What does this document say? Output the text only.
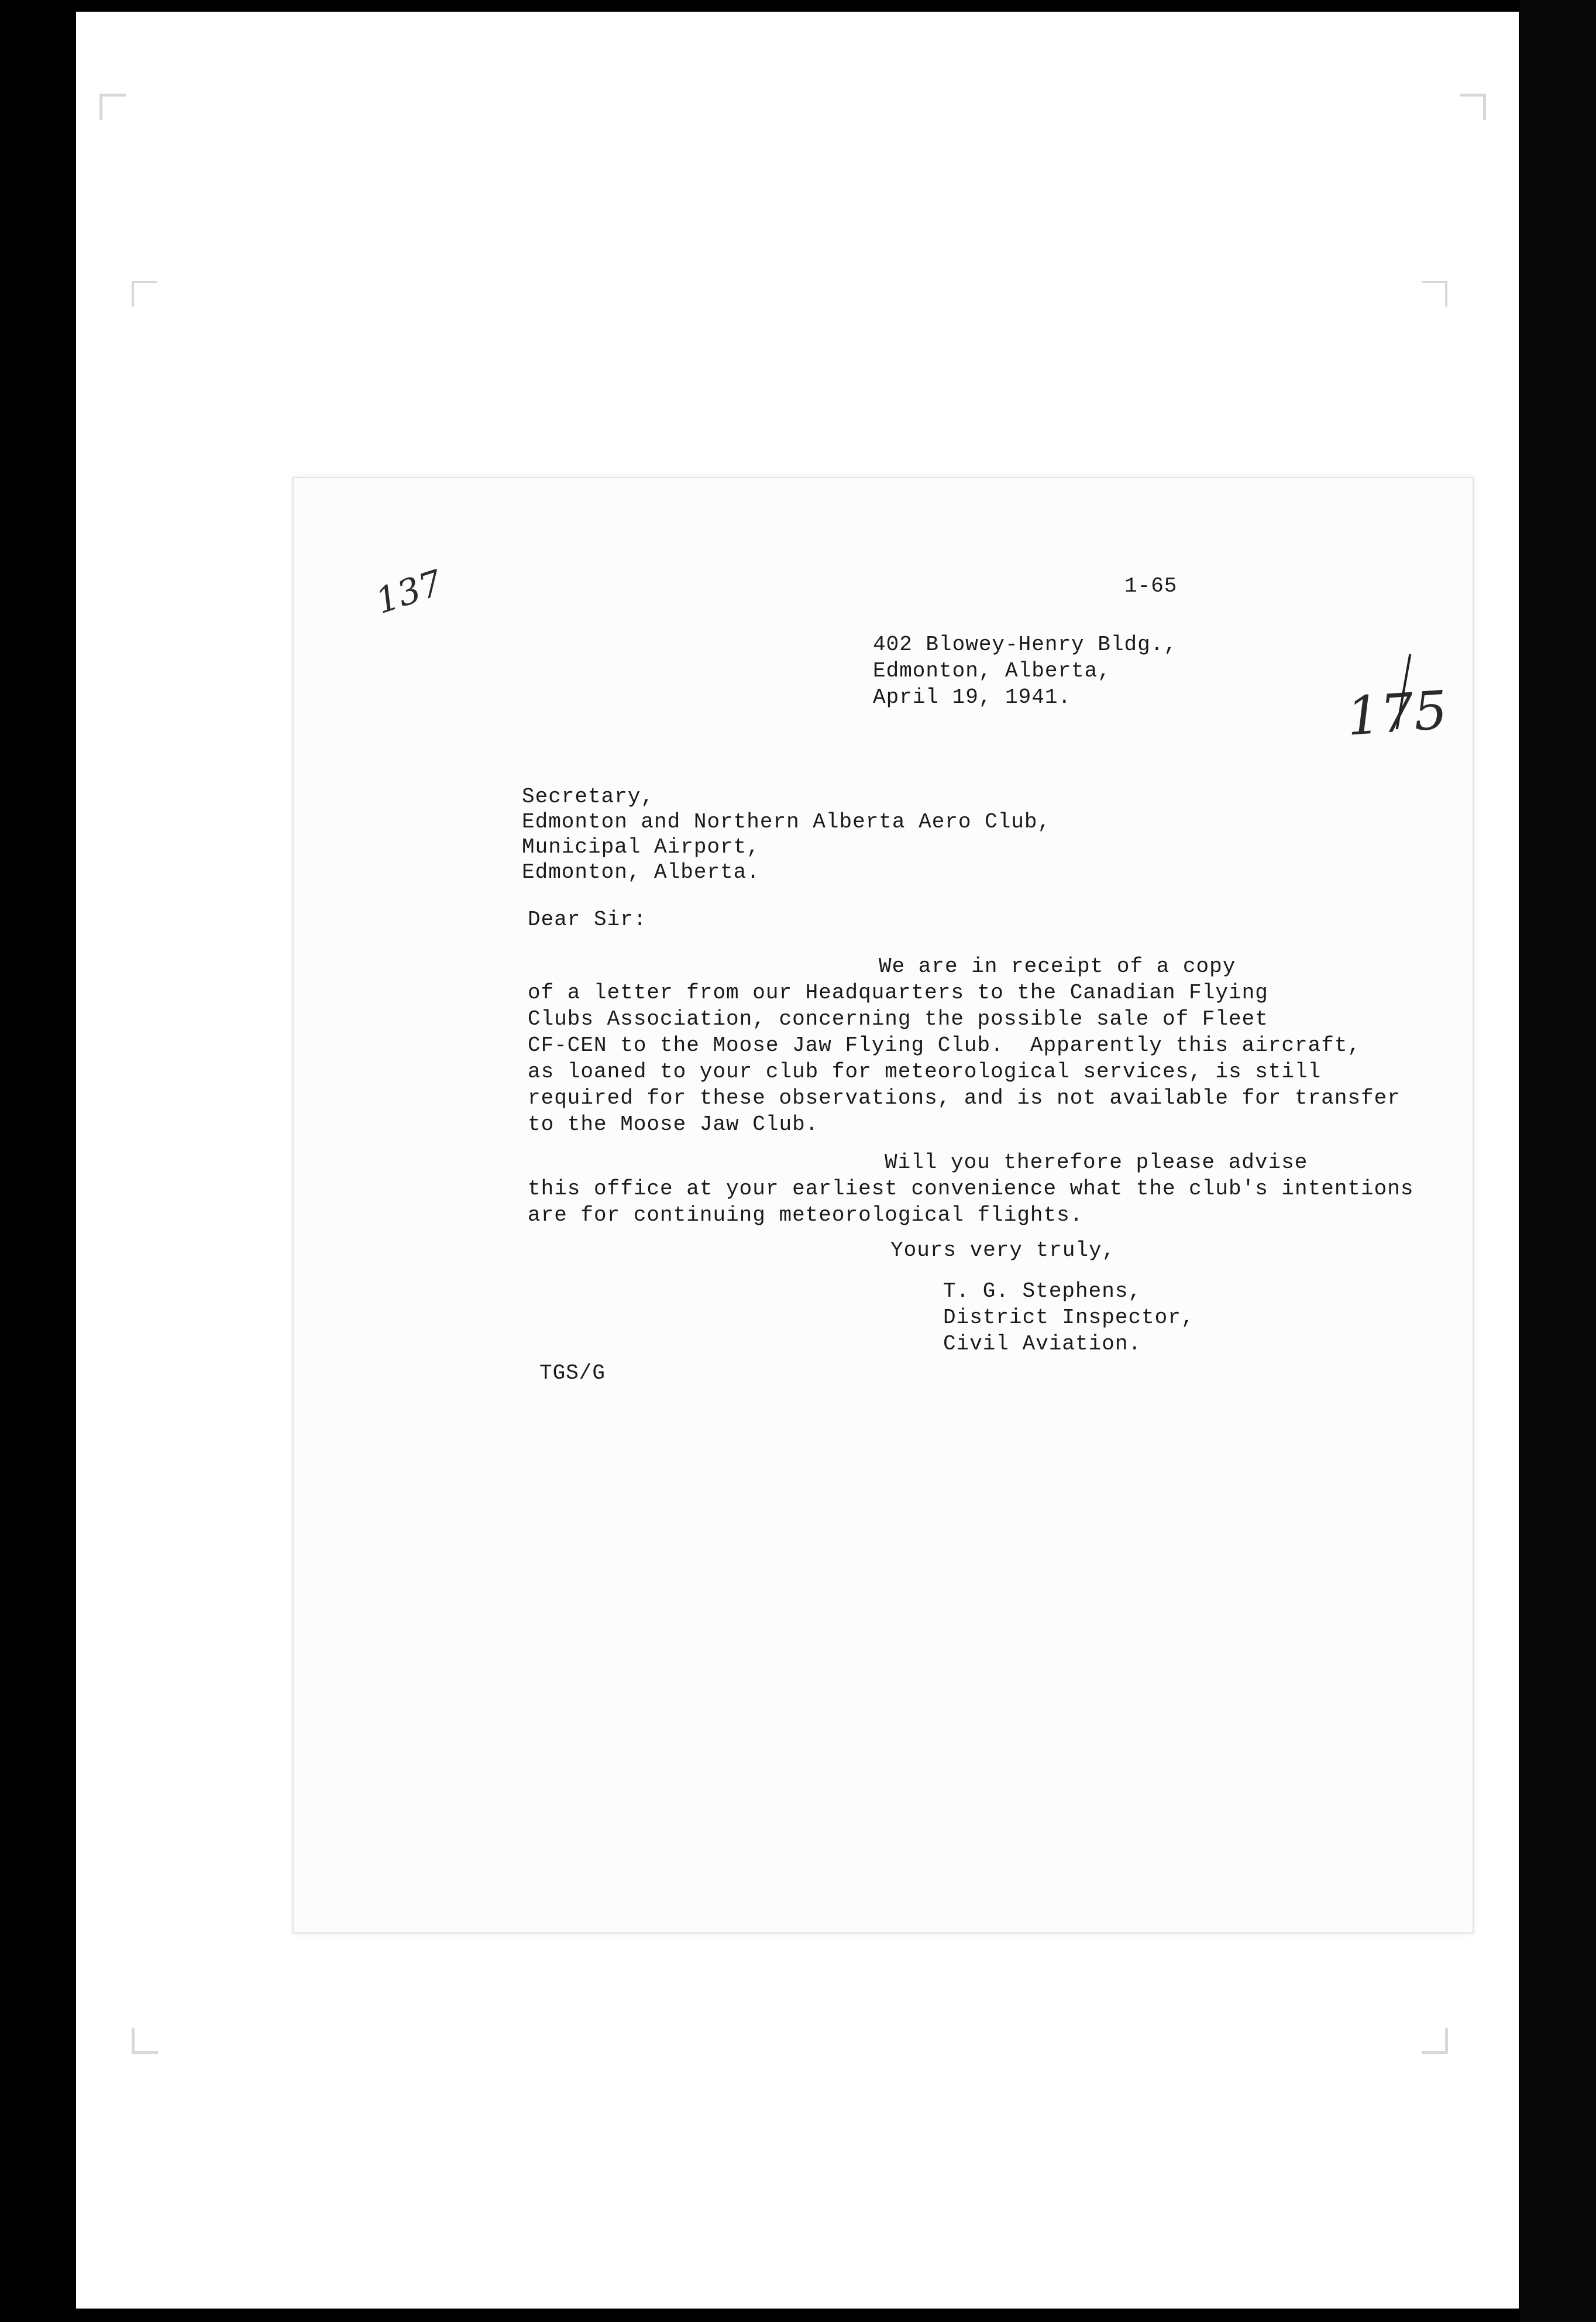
137
175
1-65
402 Blowey-Henry Bldg.,
Edmonton, Alberta,
April 19, 1941.
Secretary,
Edmonton and Northern Alberta Aero Club,
Municipal Airport,
Edmonton, Alberta.
Dear Sir:
We are in receipt of a copy
of a letter from our Headquarters to the Canadian Flying
Clubs Association, concerning the possible sale of Fleet
CF-CEN to the Moose Jaw Flying Club.  Apparently this aircraft,
as loaned to your club for meteorological services, is still
required for these observations, and is not available for transfer
to the Moose Jaw Club.
Will you therefore please advise
this office at your earliest convenience what the club's intentions
are for continuing meteorological flights.
Yours very truly,
T. G. Stephens,
District Inspector,
Civil Aviation.
TGS/G
